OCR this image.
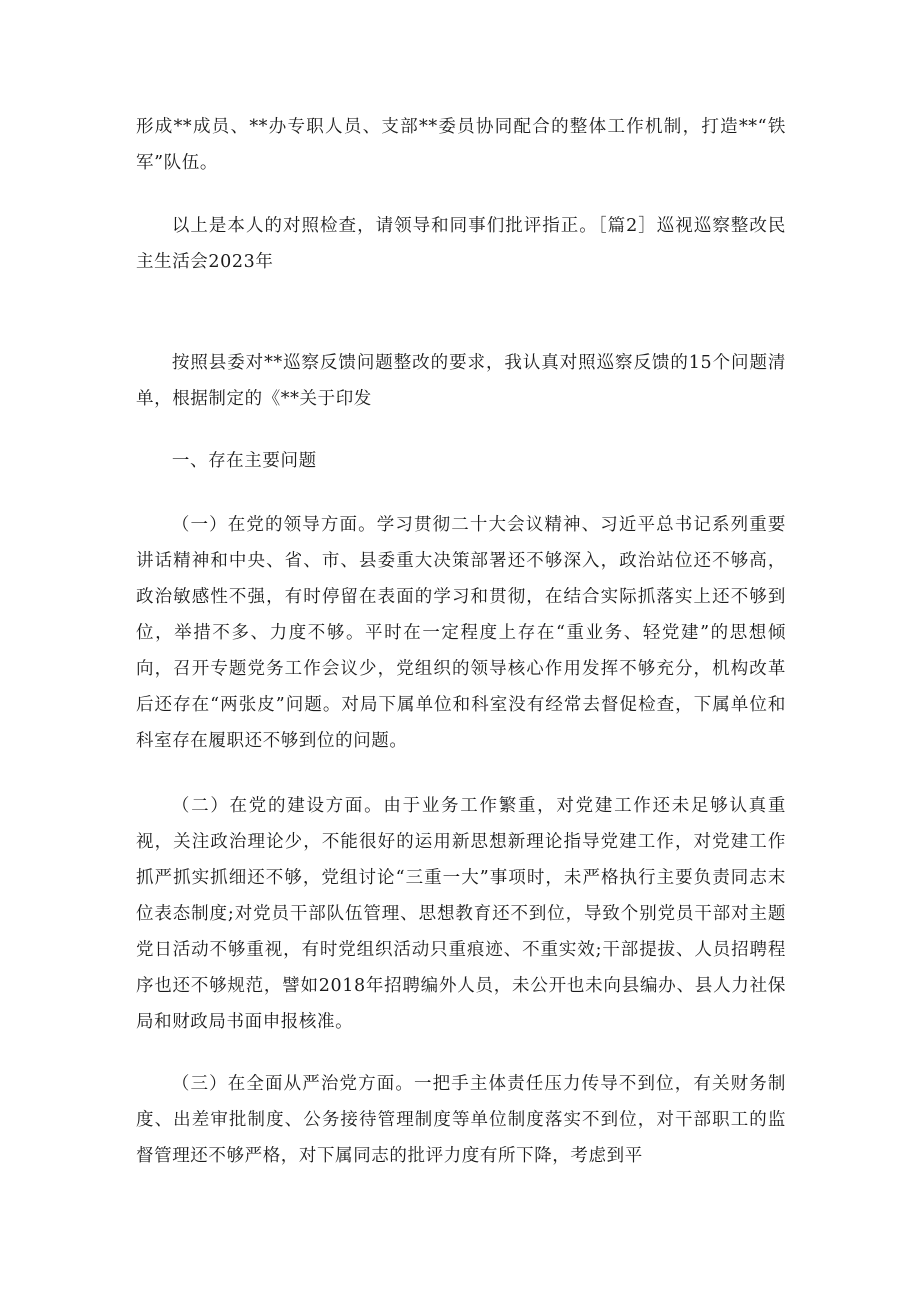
形成**成员、**办专职人员、支部**委员协同配合的整体工作机制，打造**“铁军”队伍。

以上是本人的对照检查，请领导和同事们批评指正。［篇2］巡视巡察整改民主生活会2023年

按照县委对**巡察反馈问题整改的要求，我认真对照巡察反馈的15个问题清单，根据制定的《**关于印发

一、存在主要问题

（一）在党的领导方面。学习贯彻二十大会议精神、习近平总书记系列重要讲话精神和中央、省、市、县委重大决策部署还不够深入，政治站位还不够高，政治敏感性不强，有时停留在表面的学习和贯彻，在结合实际抓落实上还不够到位，举措不多、力度不够。平时在一定程度上存在“重业务、轻党建”的思想倾向，召开专题党务工作会议少，党组织的领导核心作用发挥不够充分，机构改革后还存在“两张皮”问题。对局下属单位和科室没有经常去督促检查，下属单位和科室存在履职还不够到位的问题。

（二）在党的建设方面。由于业务工作繁重，对党建工作还未足够认真重视，关注政治理论少，不能很好的运用新思想新理论指导党建工作，对党建工作抓严抓实抓细还不够，党组讨论“三重一大”事项时，未严格执行主要负责同志末位表态制度;对党员干部队伍管理、思想教育还不到位，导致个别党员干部对主题党日活动不够重视，有时党组织活动只重痕迹、不重实效;干部提拔、人员招聘程序也还不够规范，譬如2018年招聘编外人员，未公开也未向县编办、县人力社保局和财政局书面申报核准。

（三）在全面从严治党方面。一把手主体责任压力传导不到位，有关财务制度、出差审批制度、公务接待管理制度等单位制度落实不到位，对干部职工的监督管理还不够严格，对下属同志的批评力度有所下降，考虑到平
